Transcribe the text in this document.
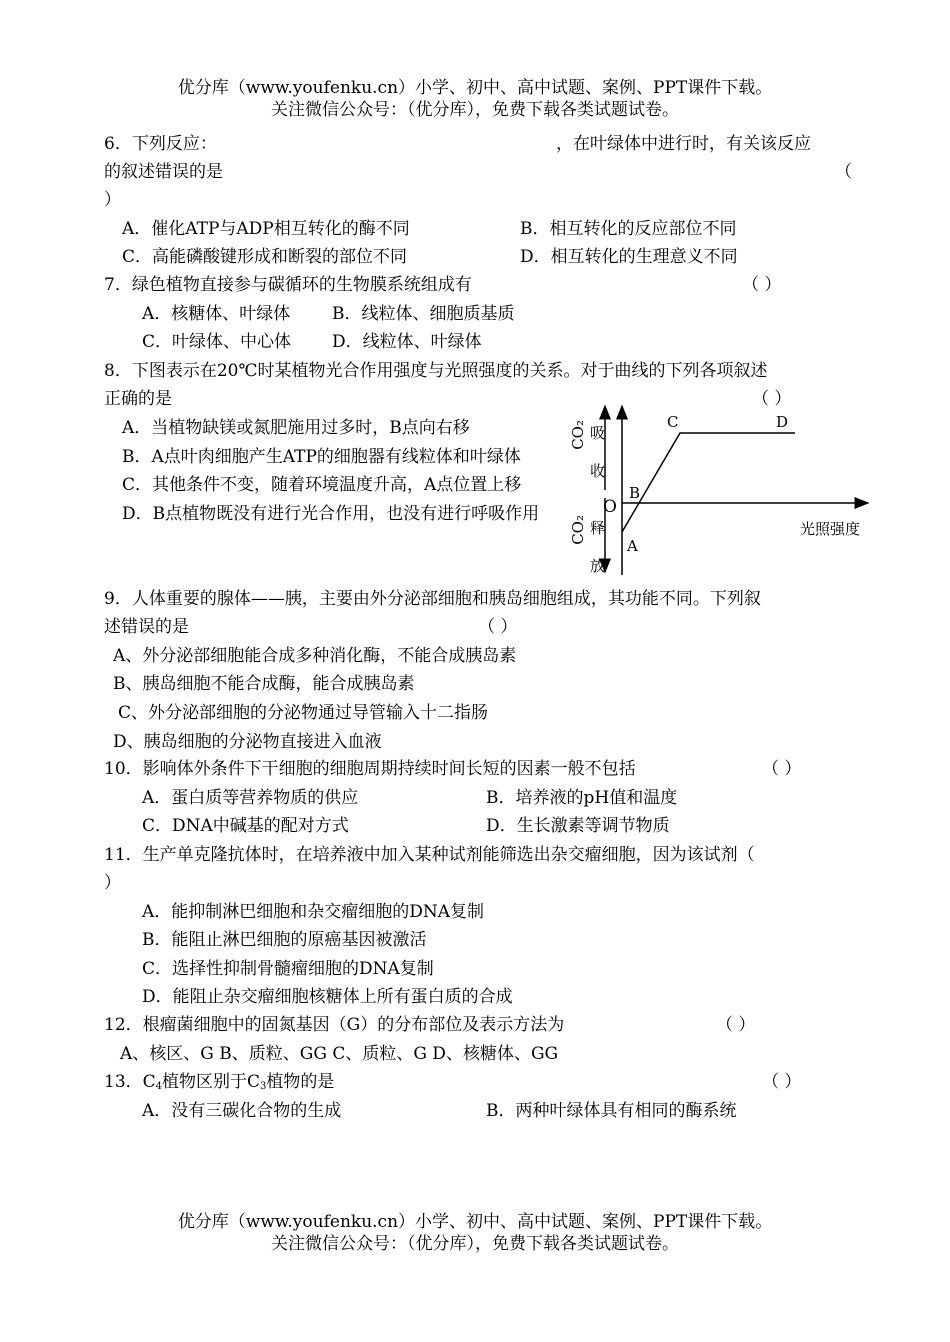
优分库（www.youfenku.cn）小学、初中、高中试题、案例、PPT课件下载。
关注微信公众号：（优分库），免费下载各类试题试卷。
6．下列反应：	，在叶绿体中进行时，有关该反应
的叙述错误的是	（
）
A．催化ATP与ADP相互转化的酶不同	B．相互转化的反应部位不同
C．高能磷酸键形成和断裂的部位不同	D．相互转化的生理意义不同
7．绿色植物直接参与碳循环的生物膜系统组成有	（ ）
A．核糖体、叶绿体 B．线粒体、细胞质基质
C．叶绿体、中心体 D．线粒体、叶绿体
8．下图表示在20℃时某植物光合作用强度与光照强度的关系。对于曲线的下列各项叙述
正确的是	（ ）
A．当植物缺镁或氮肥施用过多时，B点向右移
B．A点叶肉细胞产生ATP的细胞器有线粒体和叶绿体
C．其他条件不变，随着环境温度升高，A点位置上移
D．B点植物既没有进行光合作用，也没有进行呼吸作用
C	D
B
A
O
CO₂ 吸
收
CO₂ 释
放
光照强度
9．人体重要的腺体——胰，主要由外分泌部细胞和胰岛细胞组成，其功能不同。下列叙
述错误的是	（ ）
A、外分泌部细胞能合成多种消化酶，不能合成胰岛素
B、胰岛细胞不能合成酶，能合成胰岛素
C、外分泌部细胞的分泌物通过导管输入十二指肠
D、胰岛细胞的分泌物直接进入血液
10．影响体外条件下干细胞的细胞周期持续时间长短的因素一般不包括	（ ）
A．蛋白质等营养物质的供应	B．培养液的pH值和温度
C．DNA中碱基的配对方式	D．生长激素等调节物质
11．生产单克隆抗体时，在培养液中加入某种试剂能筛选出杂交瘤细胞，因为该试剂（
）
A．能抑制淋巴细胞和杂交瘤细胞的DNA复制
B．能阻止淋巴细胞的原癌基因被激活
C．选择性抑制骨髓瘤细胞的DNA复制
D．能阻止杂交瘤细胞核糖体上所有蛋白质的合成
12．根瘤菌细胞中的固氮基因（G）的分布部位及表示方法为	（ ）
A、核区、G B、质粒、GG C、质粒、G D、核糖体、GG
13．$C_4$植物区别于$C_3$植物的是	（ ）
A．没有三碳化合物的生成	B．两种叶绿体具有相同的酶系统
优分库（www.youfenku.cn）小学、初中、高中试题、案例、PPT课件下载。
关注微信公众号：（优分库），免费下载各类试题试卷。
